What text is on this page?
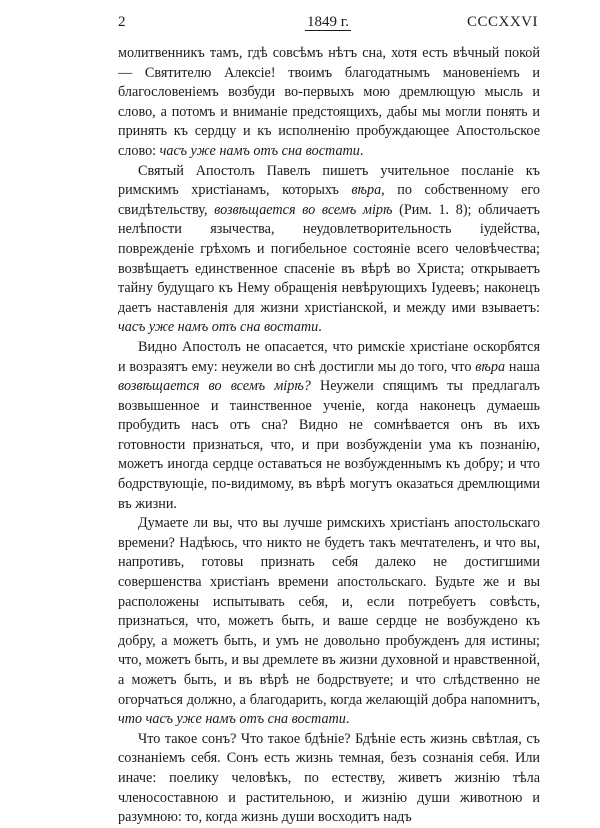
2	1849 г.	CCCXXVI

молитвенникъ тамъ, гдѣ совсѣмъ нѣтъ сна, хотя есть вѣчный покой — Святителю Алексiе! твоимъ благодатнымъ мановенiемъ и благословенiемъ возбуди во-первыхъ мою дремлющую мысль и слово, а потомъ и вниманiе предстоящихъ, дабы мы могли понять и принять къ сердцу и къ исполненiю пробуждающее Апостольское слово: часъ уже намъ отъ сна востати.

Святый Апостолъ Павелъ пишетъ учительное посланiе къ римскимъ христiанамъ, которыхъ вѣра, по собственному его свидѣтельству, возвѣщается во всемъ мiрѣ (Рим. 1. 8); обличаетъ нелѣпости язычества, неудовлетворительность iудейства, поврежденiе грѣхомъ и погибельное состоянiе всего человѣчества; возвѣщаетъ единственное спасенiе въ вѣрѣ во Христа; открываетъ тайну будущаго къ Нему обращенiя невѣрующихъ Iудеевъ; наконецъ даетъ наставленiя для жизни христiанской, и между ими взываетъ: часъ уже намъ отъ сна востати.

Видно Апостолъ не опасается, что римскiе христiане оскорбятся и возразятъ ему: неужели во снѣ достигли мы до того, что вѣра наша возвѣщается во всемъ мiрѣ? Неужели спящимъ ты предлагалъ возвышенное и таинственное ученiе, когда наконецъ думаешь пробудить насъ отъ сна? Видно не сомнѣвается онъ въ ихъ готовности признаться, что, и при возбужденiи ума къ познанiю, можетъ иногда сердце оставаться не возбужденнымъ къ добру; и что бодрствующiе, по-видимому, въ вѣрѣ могутъ оказаться дремлющими въ жизни.

Думаете ли вы, что вы лучше римскихъ христiанъ апостольскаго времени? Надѣюсь, что никто не будетъ такъ мечтателенъ, и что вы, напротивъ, готовы признать себя далеко не достигшими совершенства христiанъ времени апостольскаго. Будьте же и вы расположены испытывать себя, и, если потребуетъ совѣсть, признаться, что, можетъ быть, и ваше сердце не возбуждено къ добру, а можетъ быть, и умъ не довольно пробужденъ для истины; что, можетъ быть, и вы дремлете въ жизни духовной и нравственной, а можетъ быть, и въ вѣрѣ не бодрствуете; и что слѣдственно не огорчаться должно, а благодарить, когда желающiй добра напомнитъ, что часъ уже намъ отъ сна востати.

Что такое сонъ? Что такое бдѣнiе? Бдѣнiе есть жизнь свѣтлая, съ сознанiемъ себя. Сонъ есть жизнь темная, безъ сознанiя себя. Или иначе: поелику человѣкъ, по естеству, живетъ жизнiю тѣла членосоставною и растительною, и жизнiю души животною и разумною: то, когда жизнь души восходитъ надъ
